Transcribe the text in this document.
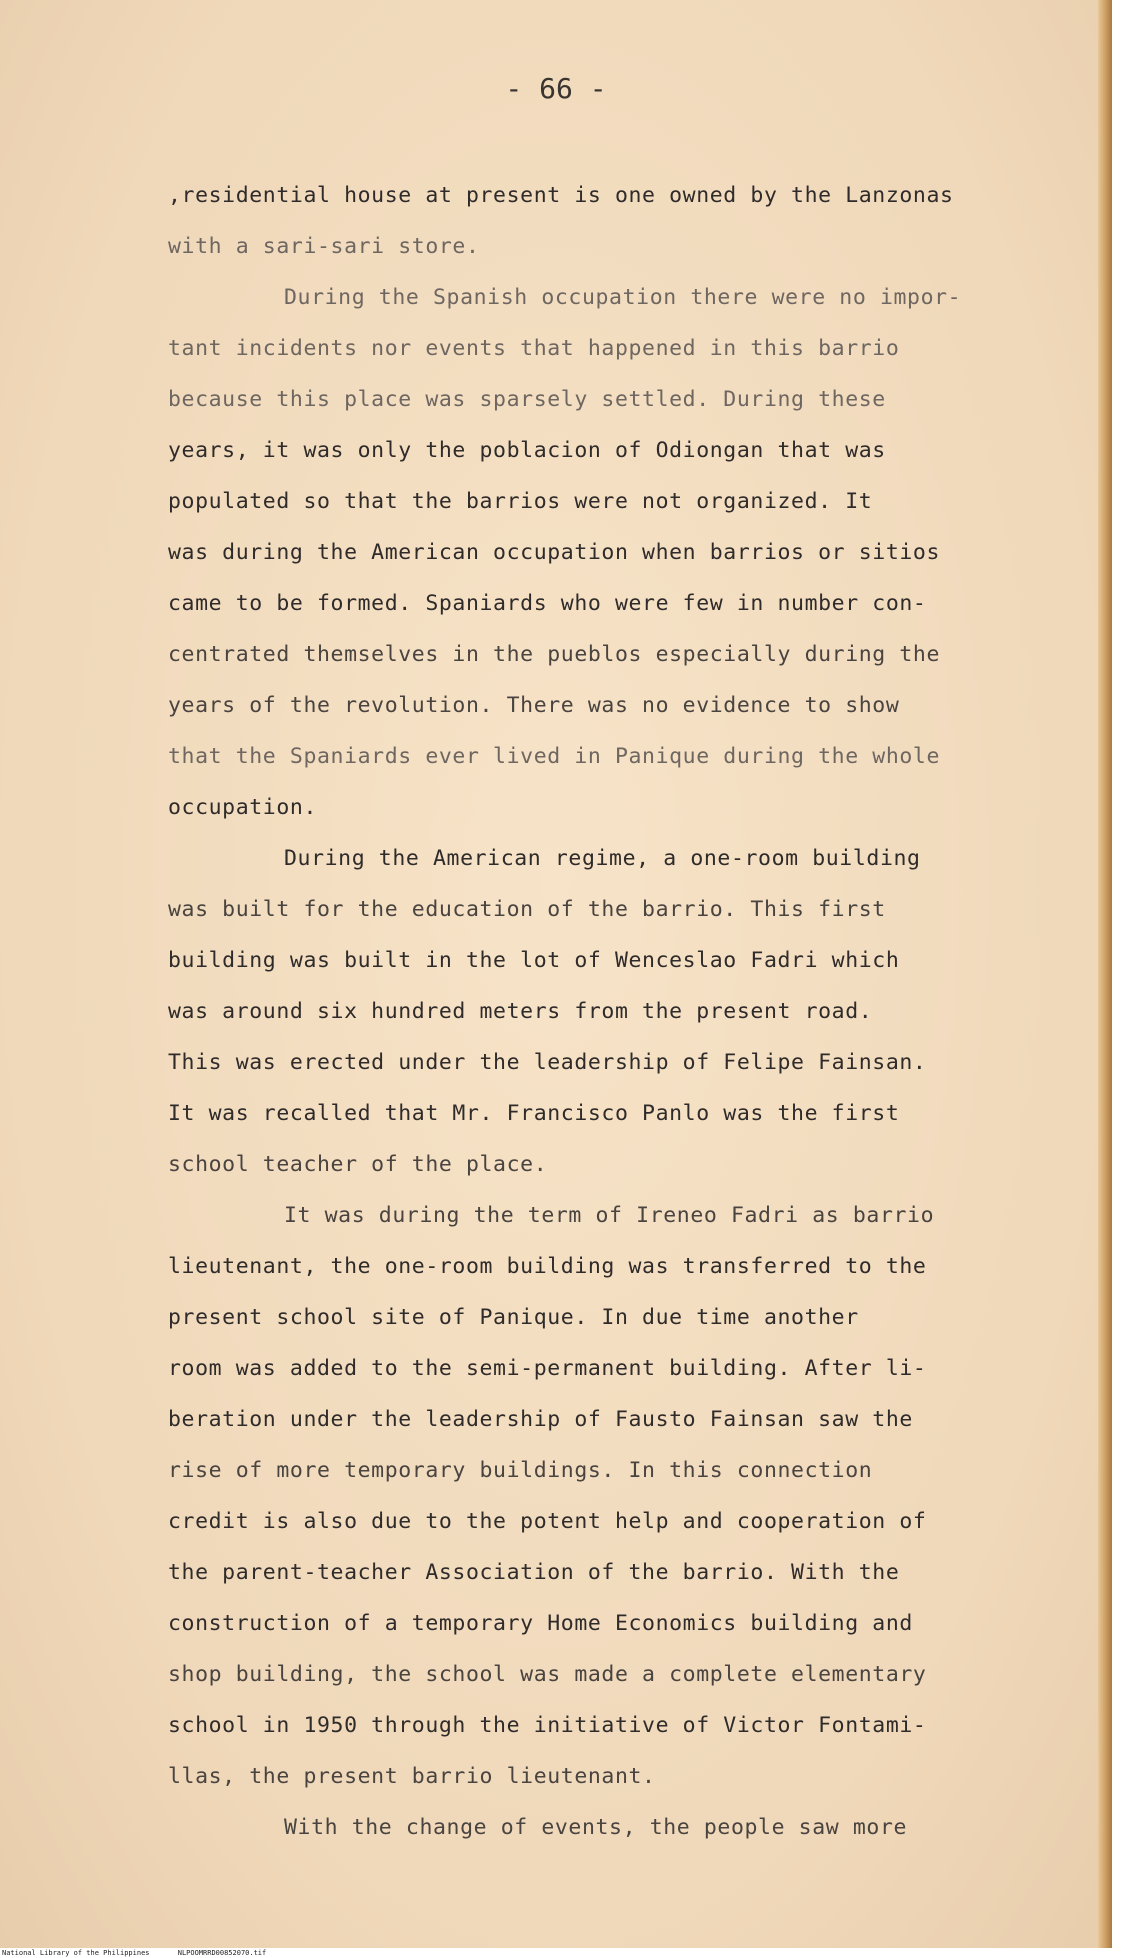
- 66 -
,residential house at present is one owned by the Lanzonas
with a sari-sari store.
During the Spanish occupation there were no impor-
tant incidents nor events that happened in this barrio
because this place was sparsely settled. During these
years, it was only the poblacion of Odiongan that was
populated so that the barrios were not organized. It
was during the American occupation when barrios or sitios
came to be formed. Spaniards who were few in number con-
centrated themselves in the pueblos especially during the
years of the revolution. There was no evidence to show
that the Spaniards ever lived in Panique during the whole
occupation.
During the American regime, a one-room building
was built for the education of the barrio. This first
building was built in the lot of Wenceslao Fadri which
was around six hundred meters from the present road.
This was erected under the leadership of Felipe Fainsan.
It was recalled that Mr. Francisco Panlo was the first
school teacher of the place.
It was during the term of Ireneo Fadri as barrio
lieutenant, the one-room building was transferred to the
present school site of Panique. In due time another
room was added to the semi-permanent building. After li-
beration under the leadership of Fausto Fainsan saw the
rise of more temporary buildings. In this connection
credit is also due to the potent help and cooperation of
the parent-teacher Association of the barrio. With the
construction of a temporary Home Economics building and
shop building, the school was made a complete elementary
school in 1950 through the initiative of Victor Fontami-
llas, the present barrio lieutenant.
With the change of events, the people saw more
National Library of the Philippines	NLPOOMRRD00852070.tif
